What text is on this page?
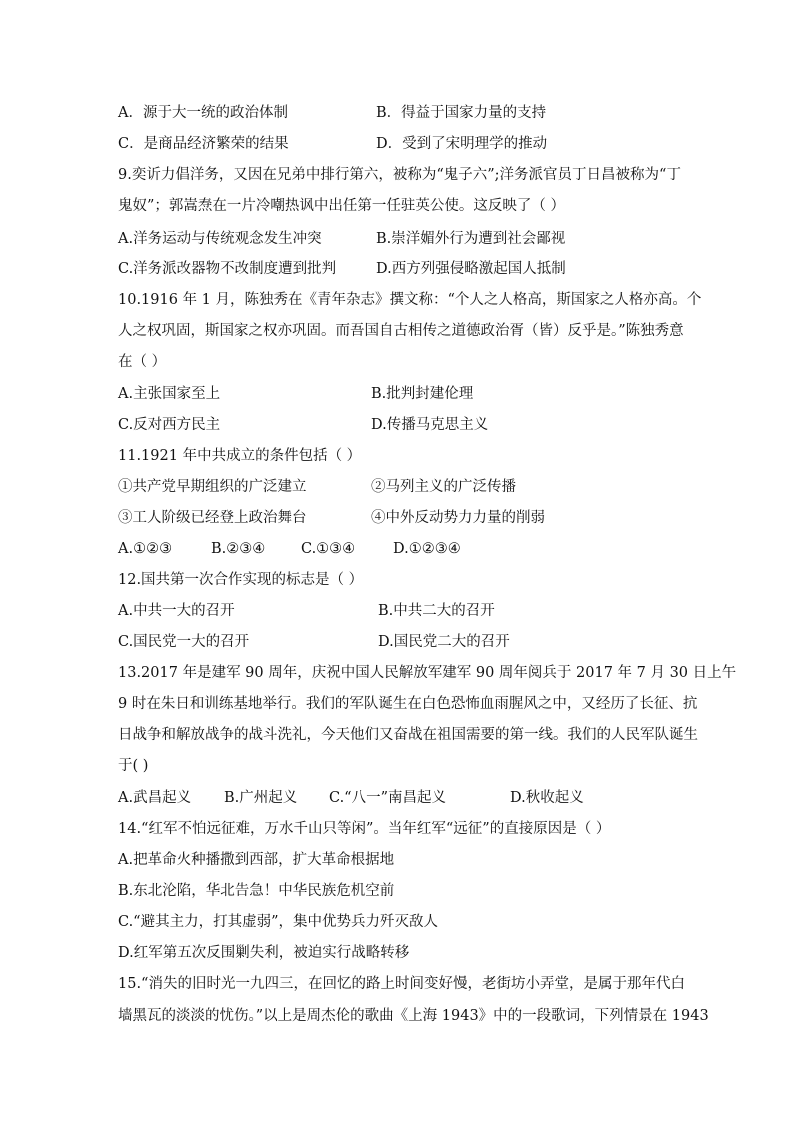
A．源于大一统的政治体制	B．得益于国家力量的支持
C．是商品经济繁荣的结果	D．受到了宋明理学的推动
9.奕䜣力倡洋务，又因在兄弟中排行第六，被称为“鬼子六”;洋务派官员丁日昌被称为“丁
鬼奴”；郭嵩焘在一片冷嘲热讽中出任第一任驻英公使。这反映了（ ）
A.洋务运动与传统观念发生冲突	B.崇洋媚外行为遭到社会鄙视
C.洋务派改器物不改制度遭到批判	D.西方列强侵略激起国人抵制
10.1916 年 1 月，陈独秀在《青年杂志》撰文称：“个人之人格高，斯国家之人格亦高。个
人之权巩固，斯国家之权亦巩固。而吾国自古相传之道德政治胥（皆）反乎是。”陈独秀意
在（ ）
A.主张国家至上	B.批判封建伦理
C.反对西方民主	D.传播马克思主义
11.1921 年中共成立的条件包括（ ）
①共产党早期组织的广泛建立	②马列主义的广泛传播
③工人阶级已经登上政治舞台	④中外反动势力力量的削弱
A.①②③	B.②③④ C.①③④	D.①②③④
12.国共第一次合作实现的标志是（ ）
A.中共一大的召开	B.中共二大的召开
C.国民党一大的召开	D.国民党二大的召开
13.2017 年是建军 90 周年，庆祝中国人民解放军建军 90 周年阅兵于 2017 年 7 月 30 日上午
9 时在朱日和训练基地举行。我们的军队诞生在白色恐怖血雨腥风之中，又经历了长征、抗
日战争和解放战争的战斗洗礼，今天他们又奋战在祖国需要的第一线。我们的人民军队诞生
于( )
A.武昌起义 B.广州起义 C.“八一”南昌起义	D.秋收起义
14.“红军不怕远征难，万水千山只等闲”。当年红军“远征”的直接原因是（ ）
A.把革命火种播撒到西部，扩大革命根据地
B.东北沦陷，华北告急！中华民族危机空前
C.“避其主力，打其虚弱”，集中优势兵力歼灭敌人
D.红军第五次反围剿失利，被迫实行战略转移
15.“消失的旧时光一九四三，在回忆的路上时间变好慢，老街坊小弄堂，是属于那年代白
墙黑瓦的淡淡的忧伤。”以上是周杰伦的歌曲《上海 1943》中的一段歌词，下列情景在 1943
